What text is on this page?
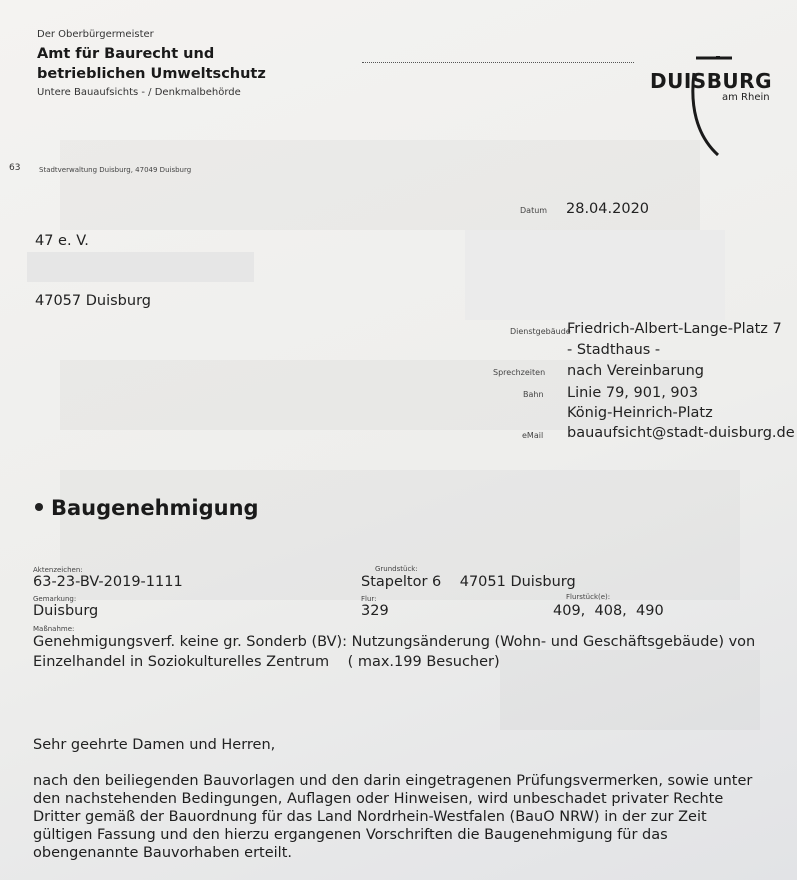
Der Oberbürgermeister
Amt für Baurecht und
betrieblichen Umweltschutz
Untere Bauaufsichts - / Denkmalbehörde	DUISBURG
am Rhein
63	Stadtverwaltung Duisburg, 47049 Duisburg
Datum 28.04.2020
47 e. V.
47057 Duisburg
Dienstgebäude
Friedrich-Albert-Lange-Platz 7
- Stadthaus -
Sprechzeiten nach Vereinbarung
Bahn Linie 79, 901, 903
König-Heinrich-Platz
eMail bauaufsicht@stadt-duisburg.de
Baugenehmigung
Aktenzeichen:
63-23-BV-2019-1111
Grundstück:
Stapeltor 6    47051 Duisburg
Gemarkung:
Duisburg
Flur:
329
Flurstück(e):
409,  408,  490
Maßnahme:
Genehmigungsverf. keine gr. Sonderb (BV): Nutzungsänderung (Wohn- und Geschäftsgebäude) von
Einzelhandel in Soziokulturelles Zentrum    ( max.199 Besucher)
Sehr geehrte Damen und Herren,
nach den beiliegenden Bauvorlagen und den darin eingetragenen Prüfungsvermerken, sowie unter
den nachstehenden Bedingungen, Auflagen oder Hinweisen, wird unbeschadet privater Rechte
Dritter gemäß der Bauordnung für das Land Nordrhein-Westfalen (BauO NRW) in der zur Zeit
gültigen Fassung und den hierzu ergangenen Vorschriften die Baugenehmigung für das
obengenannte Bauvorhaben erteilt.
